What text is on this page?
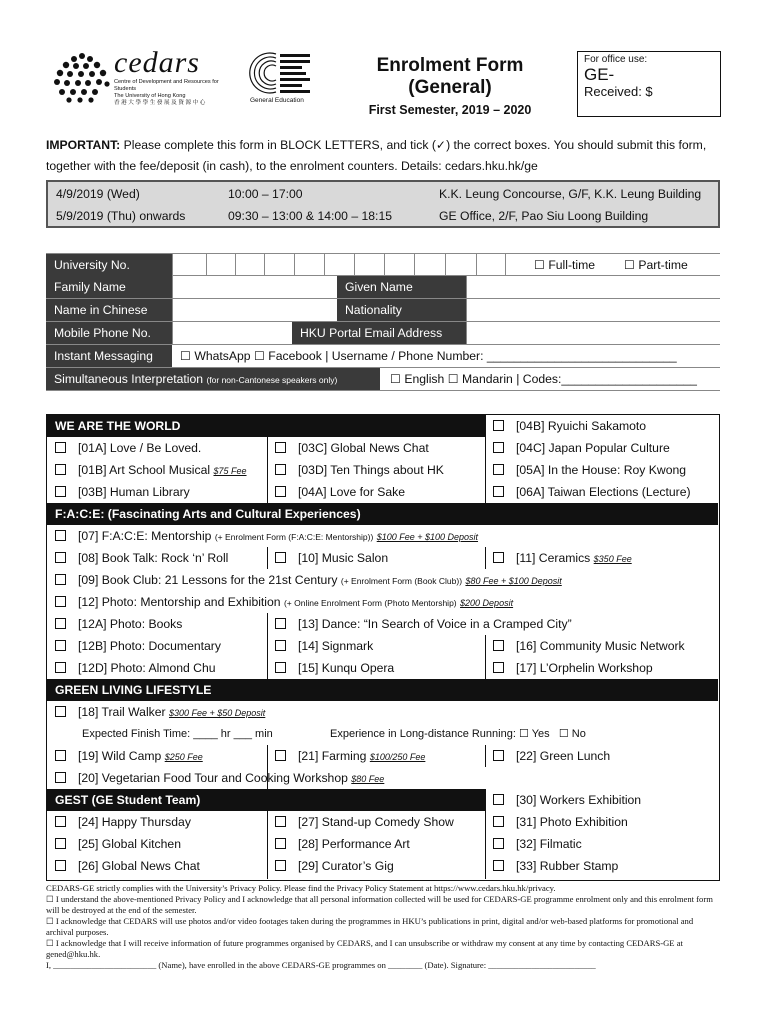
cedars
Centre of Development and Resources for Students
The University of Hong Kong
香 港 大 學 學 生 發 展 及 資 源 中 心	General Education
Enrolment Form
(General)
First Semester, 2019 – 2020
For office use:
GE-
Received: $
IMPORTANT: Please complete this form in BLOCK LETTERS, and tick (✓) the correct boxes. You should submit this form, together with the fee/deposit (in cash), to the enrolment counters. Details: cedars.hku.hk/ge
4/9/2019 (Wed)	10:00 – 17:00	K.K. Leung Concourse, G/F, K.K. Leung Building
5/9/2019 (Thu) onwards	09:30 – 13:00 & 14:00 – 18:15	GE Office, 2/F, Pao Siu Loong Building
University No.	☐ Full-time ☐ Part-time
Family Name	Given Name
Name in Chinese	Nationality
Mobile Phone No.	HKU Portal Email Address
Instant Messaging	☐ WhatsApp ☐ Facebook | Username / Phone Number: ____________________________
Simultaneous Interpretation (for non-Cantonese speakers only)	☐ English ☐ Mandarin | Codes:____________________
WE ARE THE WORLD	[04B] Ryuichi Sakamoto
[01A] Love / Be Loved.	[03C] Global News Chat	[04C] Japan Popular Culture
[01B] Art School Musical $75 Fee	[03D] Ten Things about HK	[05A] In the House: Roy Kwong
[03B] Human Library	[04A] Love for Sake	[06A] Taiwan Elections (Lecture)
F:A:C:E: (Fascinating Arts and Cultural Experiences)
[07] F:A:C:E: Mentorship (+ Enrolment Form (F:A:C:E: Mentorship)) $100 Fee + $100 Deposit
[08] Book Talk: Rock ‘n’ Roll	[10] Music Salon	[11] Ceramics $350 Fee
[09] Book Club: 21 Lessons for the 21st Century (+ Enrolment Form (Book Club)) $80 Fee + $100 Deposit
[12] Photo: Mentorship and Exhibition (+ Online Enrolment Form (Photo Mentorship) $200 Deposit
[12A] Photo: Books	[13] Dance: “In Search of Voice in a Cramped City”
[12B] Photo: Documentary	[14] Signmark	[16] Community Music Network
[12D] Photo: Almond Chu	[15] Kunqu Opera	[17] L’Orphelin Workshop
GREEN LIVING LIFESTYLE
[18] Trail Walker $300 Fee + $50 Deposit
Expected Finish Time: ____ hr ___ min	Experience in Long-distance Running: ☐ Yes ☐ No
[19] Wild Camp $250 Fee	[21] Farming $100/250 Fee	[22] Green Lunch
[20] Vegetarian Food Tour and Cooking Workshop $80 Fee
GEST (GE Student Team)	[30] Workers Exhibition
[24] Happy Thursday	[27] Stand-up Comedy Show	[31] Photo Exhibition
[25] Global Kitchen	[28] Performance Art	[32] Filmatic
[26] Global News Chat	[29] Curator’s Gig	[33] Rubber Stamp
CEDARS-GE strictly complies with the University’s Privacy Policy. Please find the Privacy Policy Statement at https://www.cedars.hku.hk/privacy.
☐ I understand the above-mentioned Privacy Policy and I acknowledge that all personal information collected will be used for CEDARS-GE programme enrolment only and this enrolment form will be destroyed at the end of the semester.
☐ I acknowledge that CEDARS will use photos and/or video footages taken during the programmes in HKU’s publications in print, digital and/or web-based platforms for promotional and archival purposes.
☐ I acknowledge that I will receive information of future programmes organised by CEDARS, and I can unsubscribe or withdraw my consent at any time by contacting CEDARS-GE at gened@hku.hk.
I, ________________________ (Name), have enrolled in the above CEDARS-GE programmes on ________ (Date). Signature: _________________________
